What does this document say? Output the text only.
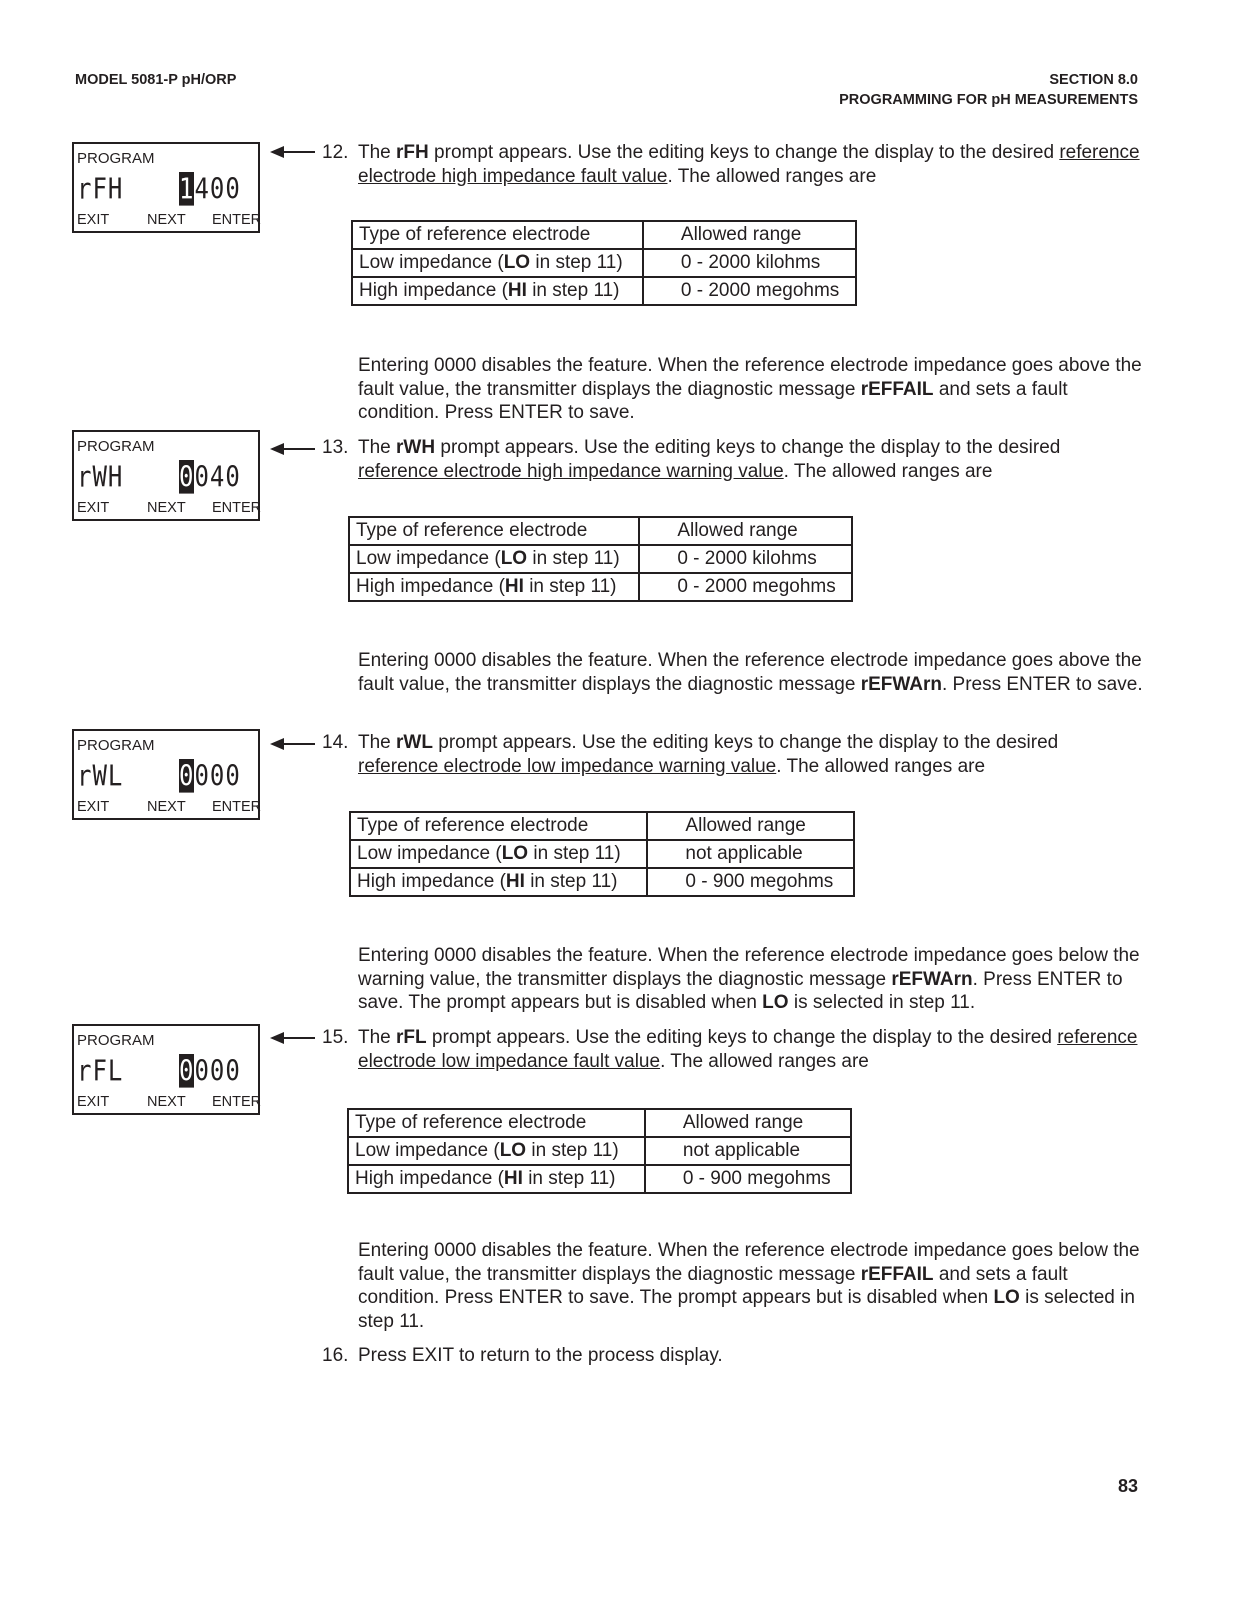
MODEL 5081-P pH/ORP	SECTION 8.0
PROGRAMMING FOR pH MEASUREMENTS
PROGRAM
rFH 1400
EXIT	NEXT ENTER
12. The rFH prompt appears. Use the editing keys to change the display to the desired reference electrode high impedance fault value. The allowed ranges are
Type of reference electrode	Allowed range
Low impedance (LO in step 11)	0 - 2000 kilohms
High impedance (HI in step 11)	0 - 2000 megohms
Entering 0000 disables the feature. When the reference electrode impedance goes above the fault value, the transmitter displays the diagnostic message rEFFAIL and sets a fault condition. Press ENTER to save.
PROGRAM
rWH 0040
EXIT	NEXT ENTER
13. The rWH prompt appears. Use the editing keys to change the display to the desired reference electrode high impedance warning value. The allowed ranges are
Type of reference electrode	Allowed range
Low impedance (LO in step 11)	0 - 2000 kilohms
High impedance (HI in step 11)	0 - 2000 megohms
Entering 0000 disables the feature. When the reference electrode impedance goes above the fault value, the transmitter displays the diagnostic message rEFWArn. Press ENTER to save.
PROGRAM
rWL 0000
EXIT	NEXT ENTER
14. The rWL prompt appears. Use the editing keys to change the display to the desired reference electrode low impedance warning value. The allowed ranges are
Type of reference electrode	Allowed range
Low impedance (LO in step 11)	not applicable
High impedance (HI in step 11)	0 - 900 megohms
Entering 0000 disables the feature. When the reference electrode impedance goes below the warning value, the transmitter displays the diagnostic message rEFWArn. Press ENTER to save. The prompt appears but is disabled when LO is selected in step 11.
PROGRAM
rFL 0000
EXIT	NEXT ENTER
15. The rFL prompt appears. Use the editing keys to change the display to the desired reference electrode low impedance fault value. The allowed ranges are
Type of reference electrode	Allowed range
Low impedance (LO in step 11)	not applicable
High impedance (HI in step 11)	0 - 900 megohms
Entering 0000 disables the feature. When the reference electrode impedance goes below the fault value, the transmitter displays the diagnostic message rEFFAIL and sets a fault condition. Press ENTER to save. The prompt appears but is disabled when LO is selected in step 11.
16. Press EXIT to return to the process display.
83
